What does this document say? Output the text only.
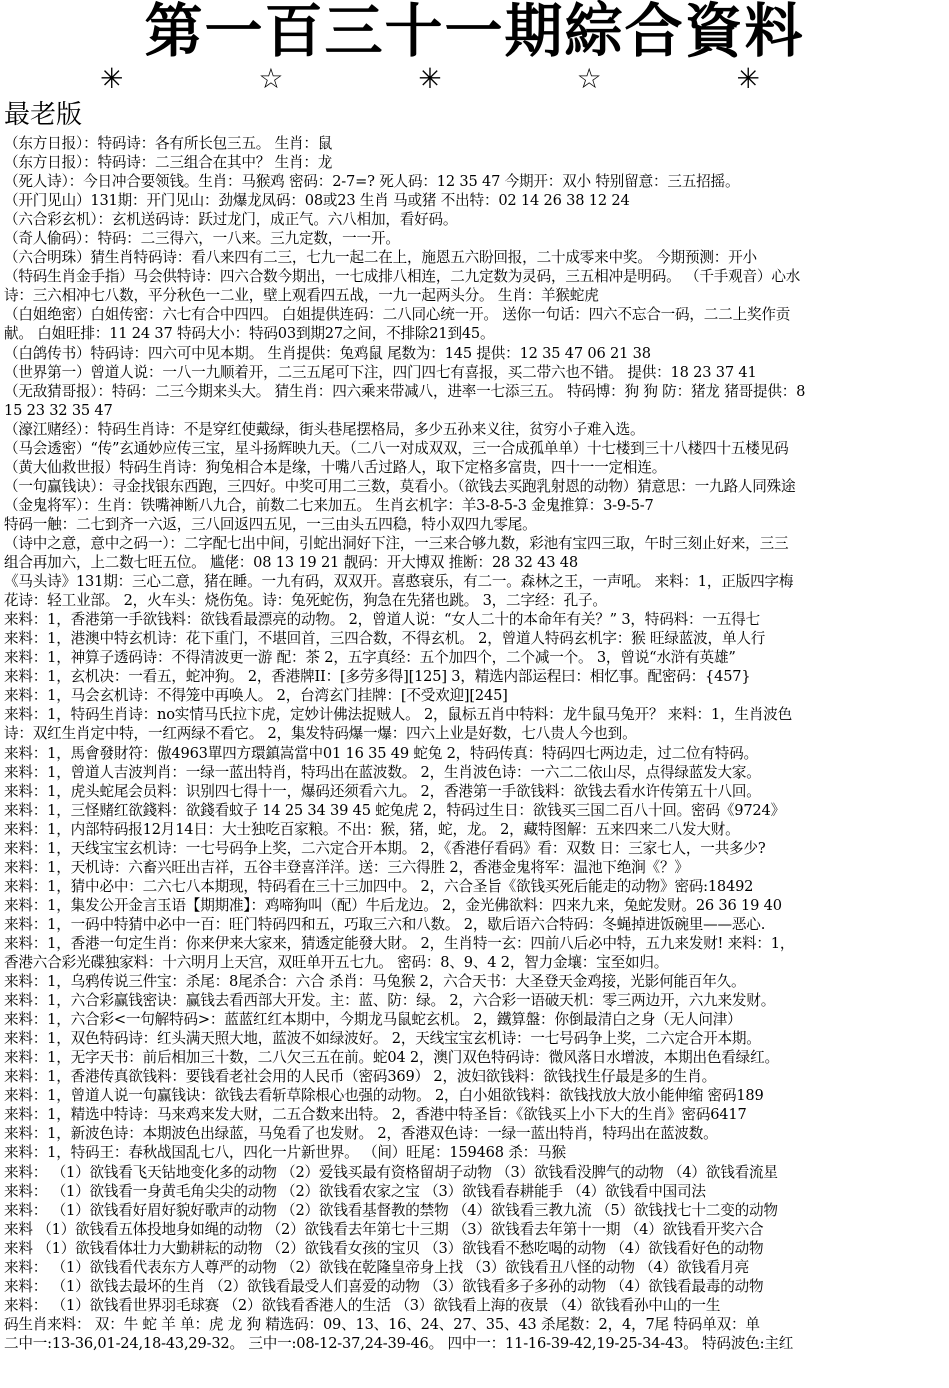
第一百三十一期綜合資料
✳	☆	✳	☆	✳
最老版
（东方日报）：特码诗：各有所长包三五。 生肖：鼠
（东方日报）：特码诗：二三组合在其中？ 生肖：龙
（死人诗）：今日冲合要领钱。生肖：马猴鸡 密码：2-7=? 死人码：12 35 47 今期开：双小 特别留意：三五招摇。
（开门见山）131期：开门见山：劲爆龙凤码：08或23 生肖 马或猪 不出特：02 14 26 38 12 24
（六合彩玄机）：玄机送码诗：跃过龙门，成正气。六八相加，看好码。
（奇人偷码）：特码：二三得六，一八来。三九定数，一一开。
（六合明珠）猜生肖特码诗：看八来四有二三，七九一起二在上，施恩五六盼回报，二十成零来中奖。 今期预测：开小
（特码生肖金手指）马会供特诗：四六合数今期出，一七成排八相连，二九定数为灵码，三五相冲是明码。 （千手观音）心水
诗：三六相冲七八数，平分秋色一二业，壁上观看四五战，一九一起两头分。 生肖：羊猴蛇虎
（白姐绝密）白姐传密：六七有合中四四。 白姐提供连码：二八同心统一开。 送你一句话：四六不忘合一码，二二上奖作贡
献。 白姐旺排：11 24 37 特码大小：特码03到期27之间，不排除21到45。
（白鸽传书）特码诗：四六可中见本期。 生肖提供：兔鸡鼠 尾数为：145 提供：12 35 47 06 21 38
（世界第一）曾道人说：一八一九顺着开，二三五尾可下注，四门四七有喜报，买二带六也不错。 提供：18 23 37 41
（无敌猜哥报）：特码：二三今期来头大。 猜生肖：四六乘来带减八，进率一七添三五。 特码博：狗 狗 防：猪龙 猪哥提供：8
15 23 32 35 47
（濠江赌经）：特码生肖诗：不是穿红使戴绿，街头巷尾摆格局，多少五孙来义往，贫穷小子难入选。
（马会透密）“传”玄通妙应传三宝，星斗扬辉映九天。（二八一对成双双，三一合成孤单单）十七楼到三十八楼四十五楼见码
（黄大仙救世报）特码生肖诗：狗兔相合本是缘，十嘴八舌过路人，取下定格多富贵，四十一一定相连。
（一句赢钱诀）：寻金找银东西跑，三四好。中奖可用二三数，莫看小。（欲钱去买跑乳射恩的动物）猜意思：一九路人同殊途
（金鬼将军）：生肖：铁嘴神断八九合，前数二七来加五。 生肖玄机字：羊3-8-5-3 金鬼推算：3-9-5-7
特码一触：二七到齐一六返，三八回返四五见，一三由头五四稳，特小双四九零尾。
（诗中之意，意中之码一）：二字配七出中间，引蛇出洞好下注，一三来合够九数，彩池有宝四三取，午时三刻止好来，三三
组合再加六，上二数七旺五位。 尴佬：08 13 19 21 靓码：开大博双 推断：28 32 43 48
《马头诗》131期：三心二意，猪在睡。一九有码，双双开。喜憨衰乐，有二一。森林之王，一声吼。 来料：1，正版四字梅
花诗：轻工业部。 2，火车头：烧伤兔。诗：兔死蛇伤，狗急在先猪也跳。 3，二字经：孔子。
来料：1，香港第一手欲钱料：欲钱看最漂亮的动物。 2，曾道人说：“女人二十的本命年有关？” 3，特码料：一五得七
来料：1，港澳中特玄机诗：花下重门，不堪回首，三四合数，不得玄机。 2，曾道人特码玄机字：猴 旺绿蓝波，单人行
来料：1，神算子透码诗：不得清波更一游 配：茶 2，五字真经：五个加四个，二个减一个。 3，曾说“水浒有英雄”
来料：1，玄机决：一看五，蛇冲狗。 2，香港牌II：[多劳多得][125] 3，精选内部运程曰：相忆事。配密码：{457}
来料：1，马会玄机诗：不得笼中再唤人。 2，台湾玄门挂牌：[不受欢迎][245]
来料：1，特码生肖诗：no实情马氏拉卞虎，定妙计佛法捉贼人。 2，鼠标五肖中特料：龙牛鼠马兔开？ 来料：1，生肖波色
诗：双红生肖定中特，一红两绿不看它。 2，集发特码爆一爆：四六上业是好数，七八贵人今也到。
来料：1，馬會發財符：傲4963單四方環鎮嵩當中01 16 35 49 蛇兔 2，特码传真：特码四七两边走，过二位有特码。
来料：1，曾道人吉波判肖：一绿一蓝出特肖，特玛出在蓝波数。 2，生肖波色诗：一六二二依山尽，点得绿蓝发大家。
来料：1，虎头蛇尾会员料：识别四七得十一，爆码还须看六九。 2，香港第一手欲钱料：欲钱去看水许传第五十八回。
来料：1，三怪赌红欲錢料：欲錢看蚊子 14 25 34 39 45 蛇兔虎 2，特码过生日：欲钱买三国二百八十回。密码《9724》
来料：1，内部特码报12月14日：大士独吃百家粮。不出：猴，猪，蛇，龙。 2，藏特图解：五来四来二八发大财。
来料：1，天线宝宝玄机诗：一七号码争上奖，二六定合开本期。 2，《香港仔看码》看：双数 日：三家七人，一共多少?
来料：1，天机诗：六畜兴旺出吉祥，五谷丰登喜洋洋。送：三六得胜 2，香港金鬼将军：温池下绝涧《？》
来料：1，猜中必中：二六七八本期现，特码看在三十三加四中。 2，六合圣旨《欲钱买死后能走的动物》密码:18492
来料：1，集发公开金言玉语【期期准】：鸡啼狗叫（配）牛后龙边。 2，金光佛欲料：四来九来，兔蛇发财。26 36 19 40
来料：1，一码中特猜中必中一百：旺门特码四和五，巧取三六和八数。 2，歇后语六合特码：冬蝇掉进饭碗里——恶心.
来料：1，香港一句定生肖：你来伊来大家来，猜透定能發大財。 2，生肖特一玄：四前八后必中特，五九来发财! 来料：1，
香港六合彩光碟独家料：十六明月上天宫，双旺单开五七九。 密码：8、9、4 2，智力金壤：宝至如归。
来料：1，乌鸦传说三件宝：杀尾：8尾杀合：六合 杀肖：马兔猴 2，六合天书：大圣登天金鸡接，光影何能百年久。
来料：1，六合彩赢钱密诀：赢钱去看西部大开发。主：蓝、防：绿。 2，六合彩一语破天机：零三两边开，六九来发财。
来料：1，六合彩<一句解特码>：蓝蓝红红本期中，今期龙马鼠蛇玄机。 2，鐵算盤：你倒最清白之身（无人问津）
来料：1，双色特码诗：红头满天照大地，蓝波不如绿波好。 2，天线宝宝玄机诗：一七号码争上奖，二六定合开本期。
来料：1，无字天书：前后相加三十数，二八欠三五在前。蛇04 2，澳门双色特码诗：微风落日水增波，本期出色看绿红。
来料：1，香港传真欲钱料：要钱看老社会用的人民币（密码369） 2，波妇欲钱料：欲钱找生仔最是多的生肖。
来料：1，曾道人说一句赢钱诀：欲钱去看斩草除根心也强的动物。 2，白小姐欲钱料：欲钱找放大放小能伸缩 密码189
来料：1，精选中特诗：马来鸡来发大财，二五合数来出特。 2，香港中特圣旨：《欲钱买上小下大的生肖》密码6417
来料：1，新波色诗：本期波色出绿蓝，马兔看了也发财。 2，香港双色诗：一绿一蓝出特肖，特玛出在蓝波数。
来料：1，特码王：春秋战国乱七八，四化一片新世界。 （间）旺尾：159468 杀：马猴
来料： （1）欲钱看飞天钻地变化多的动物 （2）爱钱买最有资格留胡子动物 （3）欲钱看没脾气的动物 （4）欲钱看流星
来料： （1）欲钱看一身黄毛角尖尖的动物 （2）欲钱看农家之宝 （3）欲钱看春耕能手 （4）欲钱看中国司法
来料： （1）欲钱看好眉好貌好歌声的动物 （2）欲钱看基督教的禁物 （4）欲钱看三教九流 （5）欲钱找七十二变的动物
来料 （1）欲钱看五体投地身如绳的动物 （2）欲钱看去年第七十三期 （3）欲钱看去年第十一期 （4）欲钱看开奖六合
来料 （1）欲钱看体壮力大勤耕耘的动物 （2）欲钱看女孩的宝贝 （3）欲钱看不愁吃喝的动物 （4）欲钱看好色的动物
来料： （1）欲钱看代表东方人尊严的动物 （2）欲钱在乾隆皇帝身上找 （3）欲钱看丑八怪的动物 （4）欲钱看月亮
来料： （1）欲钱去最坏的生肖 （2）欲钱看最受人们喜爱的动物 （3）欲钱看多子多孙的动物 （4）欲钱看最毒的动物
来料： （1）欲钱看世界羽毛球赛 （2）欲钱看香港人的生活 （3）欲钱看上海的夜景 （4）欲钱看孙中山的一生
码生肖来料： 双：牛 蛇 羊 单：虎 龙 狗 精选码：09、13、16、24、27、35、43 杀尾数：2，4，7尾 特码单双：单
二中一:13-36,01-24,18-43,29-32。 三中一:08-12-37,24-39-46。 四中一：11-16-39-42,19-25-34-43。 特码波色:主红
